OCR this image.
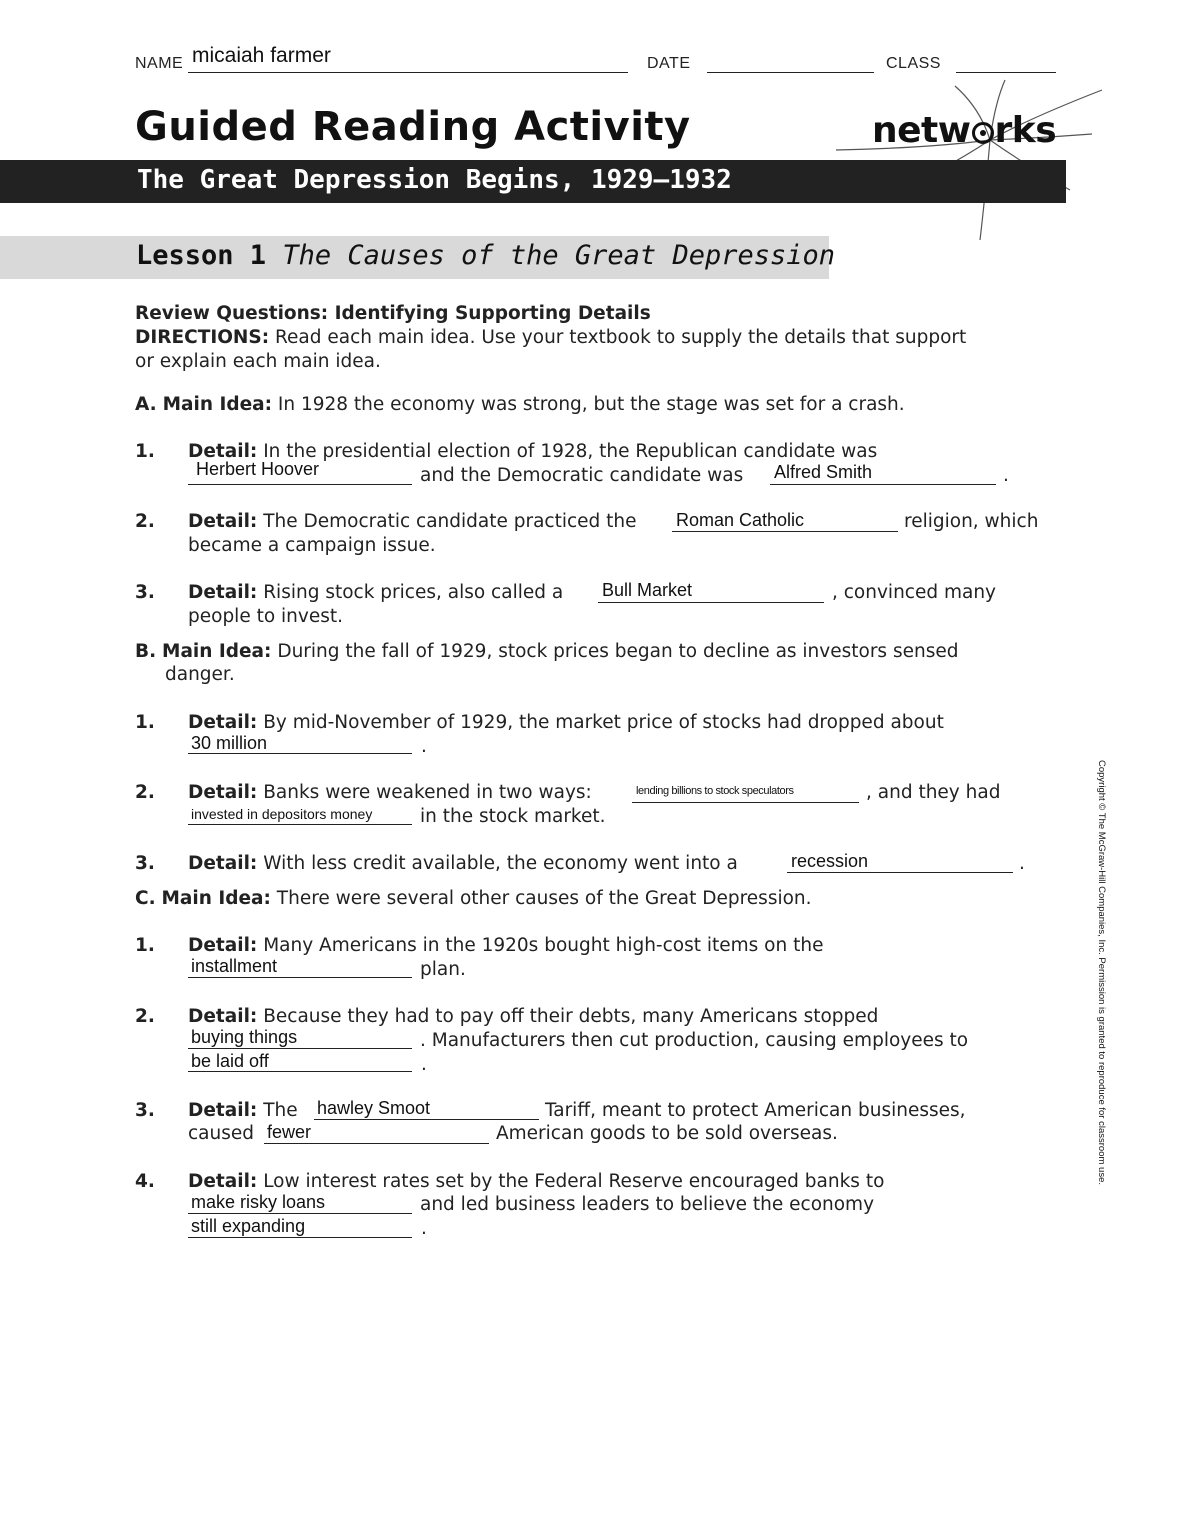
NAME micaiah farmer	DATE	CLASS
Guided Reading Activity	netw rks
The Great Depression Begins, 1929–1932
Lesson 1 The Causes of the Great Depression
Review Questions: Identifying Supporting Details
DIRECTIONS: Read each main idea. Use your textbook to supply the details that support
or explain each main idea.
A. Main Idea: In 1928 the economy was strong, but the stage was set for a crash.
1. Detail: In the presidential election of 1928, the Republican candidate was
Herbert Hoover	and the Democratic candidate was Alfred Smith	.
2. Detail: The Democratic candidate practiced the Roman Catholic	religion, which
became a campaign issue.
3. Detail: Rising stock prices, also called a Bull Market	, convinced many
people to invest.
B. Main Idea: During the fall of 1929, stock prices began to decline as investors sensed
danger.
1. Detail: By mid-November of 1929, the market price of stocks had dropped about
30 million	.
2. Detail: Banks were weakened in two ways:	lending billions to stock speculators	, and they had
invested in depositors money	in the stock market.
3. Detail: With less credit available, the economy went into a	recession	.
C. Main Idea: There were several other causes of the Great Depression.
1. Detail: Many Americans in the 1920s bought high-cost items on the
installment	plan.
2. Detail: Because they had to pay off their debts, many Americans stopped
buying things	. Manufacturers then cut production, causing employees to
be laid off	.
3. Detail: The hawley Smoot	Tariff, meant to protect American businesses,
caused fewer	American goods to be sold overseas.
4. Detail: Low interest rates set by the Federal Reserve encouraged banks to
make risky loans	and led business leaders to believe the economy
still expanding	.
Copyright © The McGraw-Hill Companies, Inc. Permission is granted to reproduce for classroom use.
